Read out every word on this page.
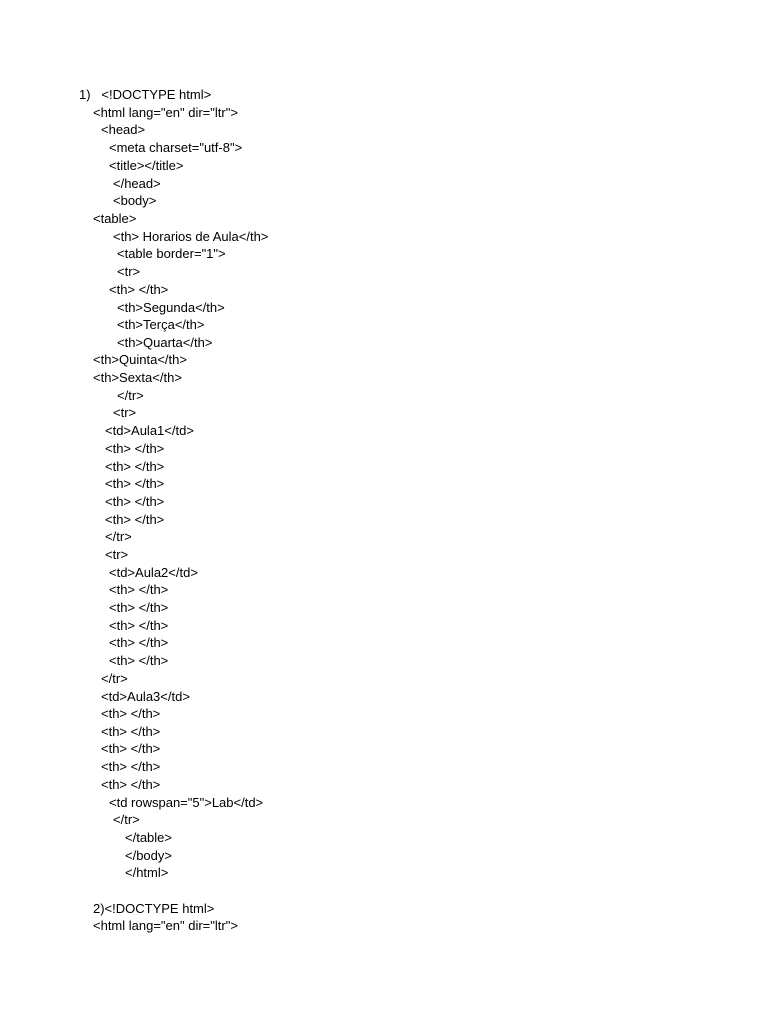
1)   <!DOCTYPE html>
<html lang="en" dir="ltr">
<head>
<meta charset="utf-8">
<title></title>
</head>
<body>
<table>
<th> Horarios de Aula</th>
<table border="1">
<tr>
<th> </th>
<th>Segunda</th>
<th>Terça</th>
<th>Quarta</th>
<th>Quinta</th>
<th>Sexta</th>
</tr>
<tr>
<td>Aula1</td>
<th> </th>
<th> </th>
<th> </th>
<th> </th>
<th> </th>
</tr>
<tr>
<td>Aula2</td>
<th> </th>
<th> </th>
<th> </th>
<th> </th>
<th> </th>
</tr>
<td>Aula3</td>
<th> </th>
<th> </th>
<th> </th>
<th> </th>
<th> </th>
<td rowspan="5">Lab</td>
</tr>
</table>
</body>
</html>
2)<!DOCTYPE html>
<html lang="en" dir="ltr">
